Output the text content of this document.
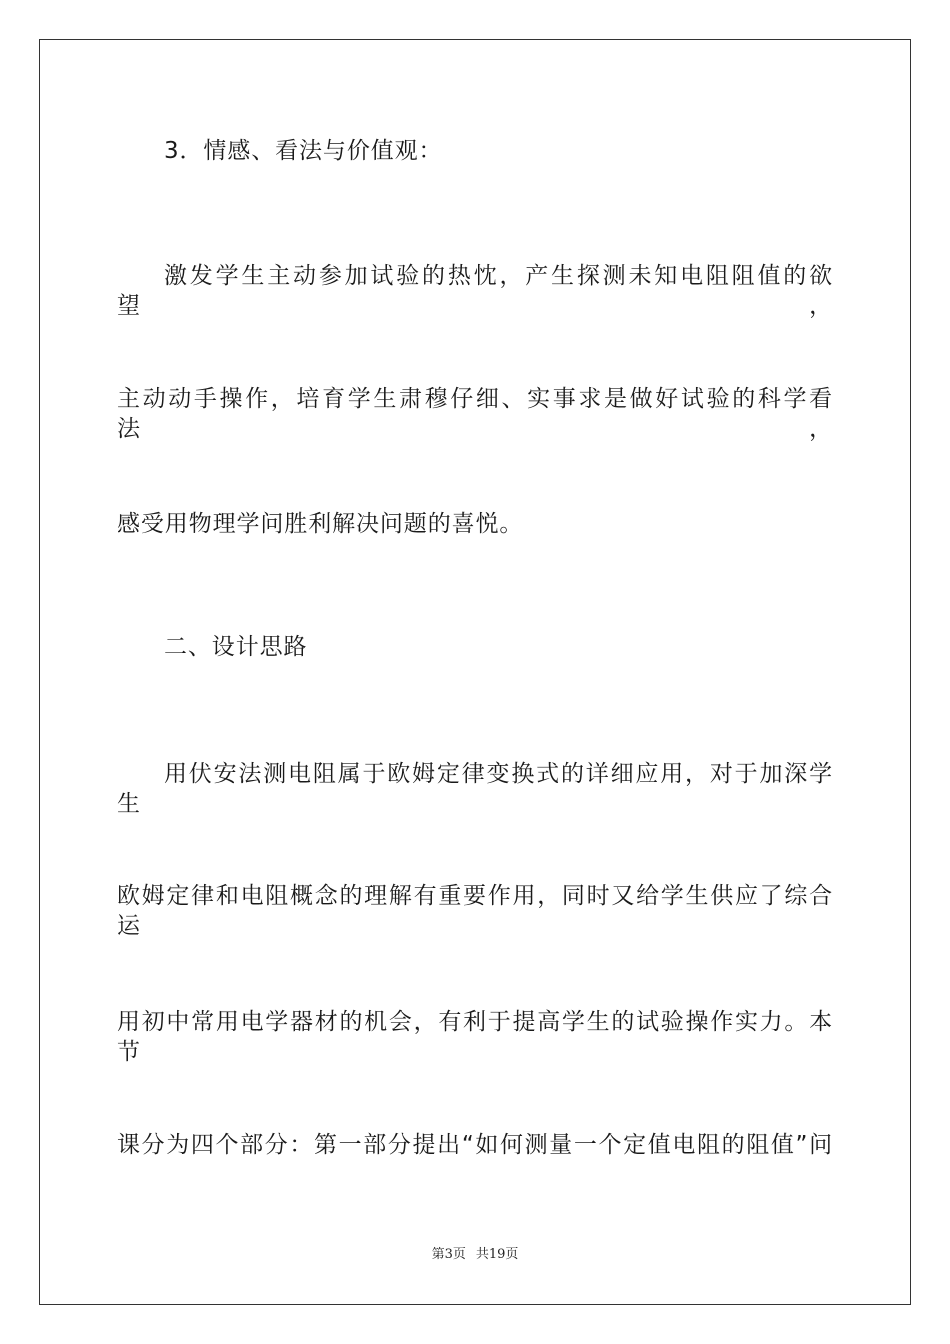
3．情感、看法与价值观：
激发学生主动参加试验的热忱，产生探测未知电阻阻值的欲望，
主动动手操作，培育学生肃穆仔细、实事求是做好试验的科学看法，
感受用物理学问胜利解决问题的喜悦。
二、设计思路
用伏安法测电阻属于欧姆定律变换式的详细应用，对于加深学生
欧姆定律和电阻概念的理解有重要作用，同时又给学生供应了综合运
用初中常用电学器材的机会，有利于提高学生的试验操作实力。本节
课分为四个部分：第一部分提出“如何测量一个定值电阻的阻值”问
第3页 共19页
